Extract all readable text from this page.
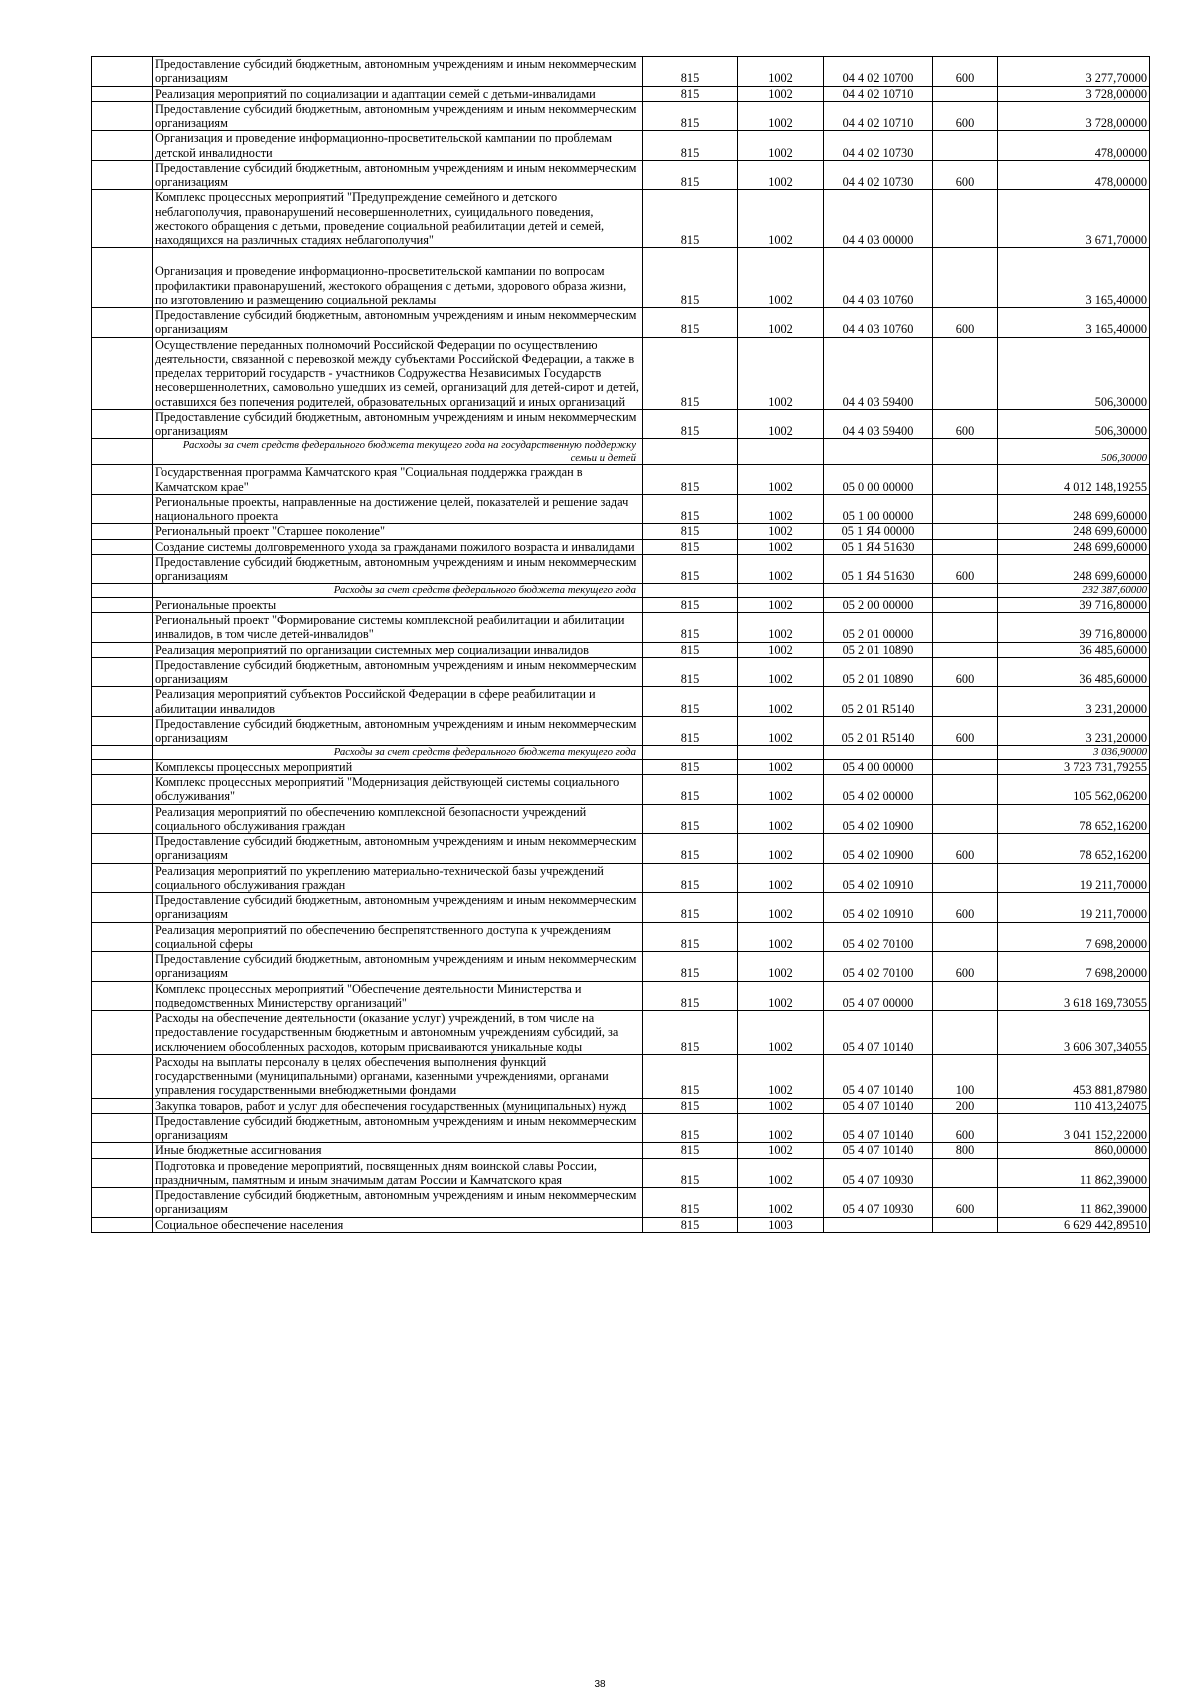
	Предоставление субсидий бюджетным, автономным учреждениям и иным некоммерческим организациям	815	1002	04 4 02 10700	600	3 277,70000
	Реализация мероприятий по социализации и адаптации семей с детьми-инвалидами	815	1002	04 4 02 10710		3 728,00000
	Предоставление субсидий бюджетным, автономным учреждениям и иным некоммерческим организациям	815	1002	04 4 02 10710	600	3 728,00000
	Организация и проведение информационно-просветительской кампании по проблемам детской инвалидности	815	1002	04 4 02 10730		478,00000
	Предоставление субсидий бюджетным, автономным учреждениям и иным некоммерческим организациям	815	1002	04 4 02 10730	600	478,00000
	Комплекс процессных мероприятий "Предупреждение семейного и детского неблагополучия, правонарушений несовершеннолетних, суицидального поведения, жестокого обращения с детьми, проведение социальной реабилитации детей и семей, находящихся на различных стадиях неблагополучия"	815	1002	04 4 03 00000		3 671,70000
	Организация и проведение информационно-просветительской кампании по вопросам профилактики правонарушений, жестокого обращения с детьми, здорового образа жизни, по изготовлению и размещению социальной рекламы	815	1002	04 4 03 10760		3 165,40000
	Предоставление субсидий бюджетным, автономным учреждениям и иным некоммерческим организациям	815	1002	04 4 03 10760	600	3 165,40000
	Осуществление переданных полномочий Российской Федерации по осуществлению деятельности, связанной с перевозкой между субъектами Российской Федерации, а также в пределах территорий государств - участников Содружества Независимых Государств несовершеннолетних, самовольно ушедших из семей, организаций для детей-сирот и детей, оставшихся без попечения родителей, образовательных организаций и иных организаций	815	1002	04 4 03 59400		506,30000
	Предоставление субсидий бюджетным, автономным учреждениям и иным некоммерческим организациям	815	1002	04 4 03 59400	600	506,30000
	Расходы за счет средств федерального бюджета текущего года на государственную поддержку семьи и детей					506,30000
	Государственная программа Камчатского края "Социальная поддержка граждан в Камчатском крае"	815	1002	05 0 00 00000		4 012 148,19255
	Региональные проекты, направленные на достижение целей, показателей и решение задач национального проекта	815	1002	05 1 00 00000		248 699,60000
	Региональный проект "Старшее поколение"	815	1002	05 1 Я4 00000		248 699,60000
	Создание системы долговременного ухода за гражданами пожилого возраста и инвалидами	815	1002	05 1 Я4 51630		248 699,60000
	Предоставление субсидий бюджетным, автономным учреждениям и иным некоммерческим организациям	815	1002	05 1 Я4 51630	600	248 699,60000
	Расходы за счет средств федерального бюджета текущего года					232 387,60000
	Региональные проекты	815	1002	05 2 00 00000		39 716,80000
	Региональный проект "Формирование системы комплексной реабилитации и абилитации инвалидов, в том числе детей-инвалидов"	815	1002	05 2 01 00000		39 716,80000
	Реализация мероприятий по организации системных мер социализации инвалидов	815	1002	05 2 01 10890		36 485,60000
	Предоставление субсидий бюджетным, автономным учреждениям и иным некоммерческим организациям	815	1002	05 2 01 10890	600	36 485,60000
	Реализация мероприятий субъектов Российской Федерации в сфере реабилитации и абилитации инвалидов	815	1002	05 2 01 R5140		3 231,20000
	Предоставление субсидий бюджетным, автономным учреждениям и иным некоммерческим организациям	815	1002	05 2 01 R5140	600	3 231,20000
	Расходы за счет средств федерального бюджета текущего года					3 036,90000
	Комплексы процессных мероприятий	815	1002	05 4 00 00000		3 723 731,79255
	Комплекс процессных мероприятий "Модернизация действующей системы социального обслуживания"	815	1002	05 4 02 00000		105 562,06200
	Реализация мероприятий по обеспечению комплексной безопасности учреждений социального обслуживания граждан	815	1002	05 4 02 10900		78 652,16200
	Предоставление субсидий бюджетным, автономным учреждениям и иным некоммерческим организациям	815	1002	05 4 02 10900	600	78 652,16200
	Реализация мероприятий по укреплению материально-технической базы учреждений социального обслуживания граждан	815	1002	05 4 02 10910		19 211,70000
	Предоставление субсидий бюджетным, автономным учреждениям и иным некоммерческим организациям	815	1002	05 4 02 10910	600	19 211,70000
	Реализация мероприятий по обеспечению беспрепятственного доступа к учреждениям социальной сферы	815	1002	05 4 02 70100		7 698,20000
	Предоставление субсидий бюджетным, автономным учреждениям и иным некоммерческим организациям	815	1002	05 4 02 70100	600	7 698,20000
	Комплекс процессных мероприятий "Обеспечение деятельности Министерства и подведомственных Министерству организаций"	815	1002	05 4 07 00000		3 618 169,73055
	Расходы на обеспечение деятельности (оказание услуг) учреждений, в том числе на предоставление государственным бюджетным и автономным учреждениям субсидий, за исключением обособленных расходов, которым присваиваются уникальные коды	815	1002	05 4 07 10140		3 606 307,34055
	Расходы на выплаты персоналу в целях обеспечения выполнения функций государственными (муниципальными) органами, казенными учреждениями, органами управления государственными внебюджетными фондами	815	1002	05 4 07 10140	100	453 881,87980
	Закупка товаров, работ и услуг для обеспечения государственных (муниципальных) нужд	815	1002	05 4 07 10140	200	110 413,24075
	Предоставление субсидий бюджетным, автономным учреждениям и иным некоммерческим организациям	815	1002	05 4 07 10140	600	3 041 152,22000
	Иные бюджетные ассигнования	815	1002	05 4 07 10140	800	860,00000
	Подготовка и проведение мероприятий, посвященных дням воинской славы России, праздничным, памятным и иным значимым датам России и Камчатского края	815	1002	05 4 07 10930		11 862,39000
	Предоставление субсидий бюджетным, автономным учреждениям и иным некоммерческим организациям	815	1002	05 4 07 10930	600	11 862,39000
	Социальное обеспечение населения	815	1003			6 629 442,89510
38
